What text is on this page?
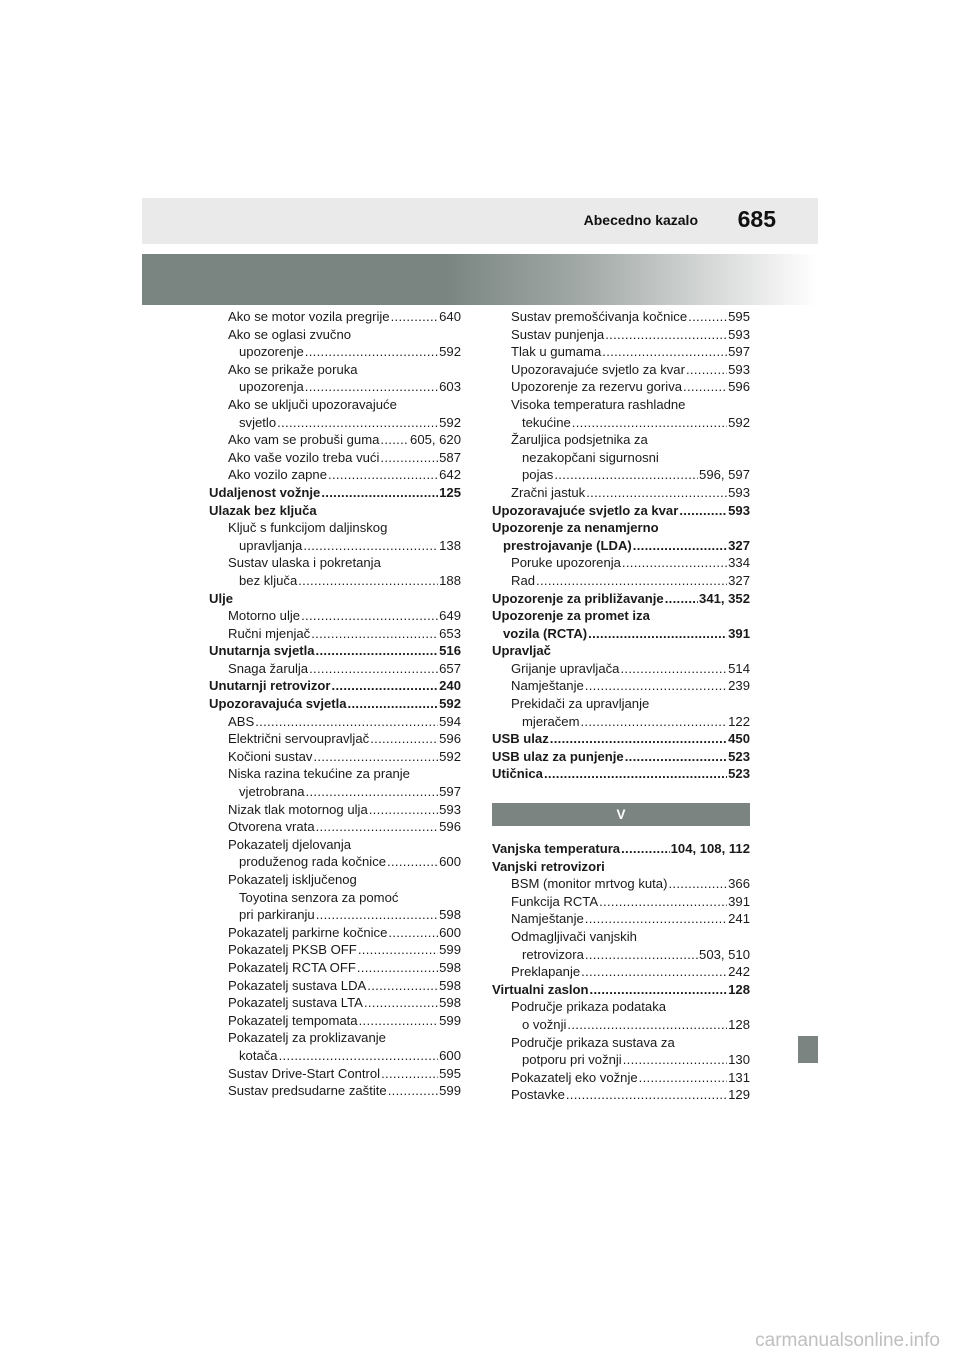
Abecedno kazalo 685
Ako se motor vozila pregrije .....	640
Ako se oglasi zvučno
upozorenje .....	592
Ako se prikaže poruka
upozorenja .....	603
Ako se uključi upozoravajuće
svjetlo .....	592
Ako vam se probuši guma ..... 605, 620
Ako vaše vozilo treba vući .....	587
Ako vozilo zapne .....	642
Udaljenost vožnje .....	125
Ulazak bez ključa
Ključ s funkcijom daljinskog
upravljanja .....	138
Sustav ulaska i pokretanja
bez ključa .....	188
Ulje
Motorno ulje .....	649
Ručni mjenjač .....	653
Unutarnja svjetla .....	516
Snaga žarulja .....	657
Unutarnji retrovizor .....	240
Upozoravajuća svjetla .....	592
ABS .....	594
Električni servoupravljač .....	596
Kočioni sustav .....	592
Niska razina tekućine za pranje
vjetrobrana .....	597
Nizak tlak motornog ulja .....	593
Otvorena vrata .....	596
Pokazatelj djelovanja
produženog rada kočnice .....	600
Pokazatelj isključenog
Toyotina senzora za pomoć
pri parkiranju .....	598
Pokazatelj parkirne kočnice .....	600
Pokazatelj PKSB OFF .....	599
Pokazatelj RCTA OFF .....	598
Pokazatelj sustava LDA .....	598
Pokazatelj sustava LTA .....	598
Pokazatelj tempomata .....	599
Pokazatelj za proklizavanje
kotača .....	600
Sustav Drive-Start Control .....	595
Sustav predsudarne zaštite .....	599
Sustav premošćivanja kočnice .....	595
Sustav punjenja .....	593
Tlak u gumama .....	597
Upozoravajuće svjetlo za kvar .....	593
Upozorenje za rezervu goriva .....	596
Visoka temperatura rashladne
tekućine .....	592
Žaruljica podsjetnika za
nezakopčani sigurnosni
pojas .....	596, 597
Zračni jastuk .....	593
Upozoravajuće svjetlo za kvar .....	593
Upozorenje za nenamjerno
prestrojavanje (LDA) .....	327
Poruke upozorenja .....	334
Rad .....	327
Upozorenje za približavanje .....	341, 352
Upozorenje za promet iza
vozila (RCTA) .....	391
Upravljač
Grijanje upravljača .....	514
Namještanje .....	239
Prekidači za upravljanje
mjeračem .....	122
USB ulaz .....	450
USB ulaz za punjenje .....	523
Utičnica .....	523
V
Vanjska temperatura .....	104, 108, 112
Vanjski retrovizori
BSM (monitor mrtvog kuta) .....	366
Funkcija RCTA .....	391
Namještanje .....	241
Odmagljivači vanjskih
retrovizora .....	503, 510
Preklapanje .....	242
Virtualni zaslon .....	128
Područje prikaza podataka
o vožnji .....	128
Područje prikaza sustava za
potporu pri vožnji .....	130
Pokazatelj eko vožnje .....	131
Postavke .....	129
carmanualsonline.info
